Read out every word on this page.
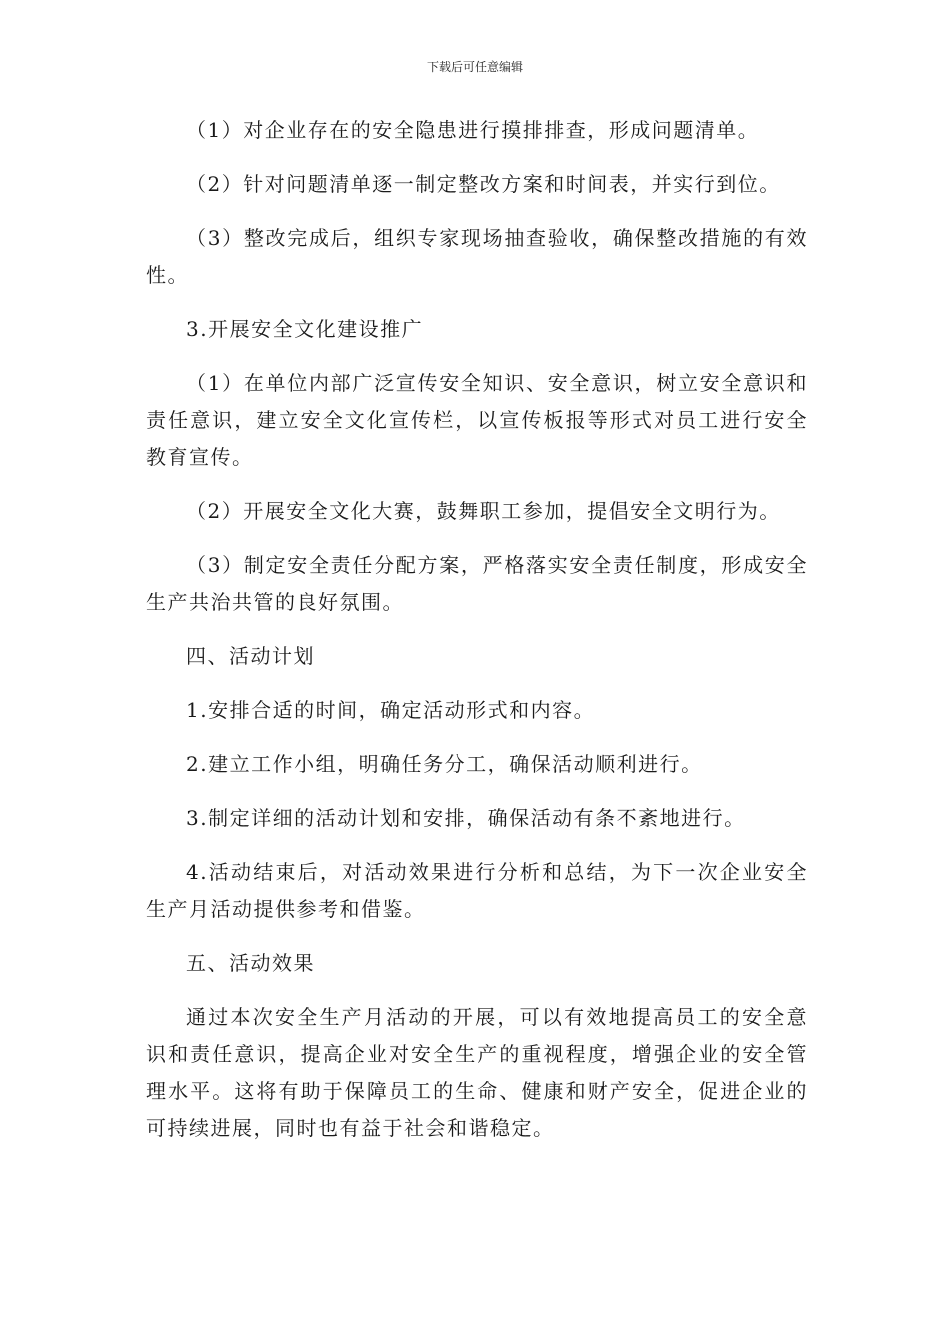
下载后可任意编辑

（1）对企业存在的安全隐患进行摸排排查，形成问题清单。

（2）针对问题清单逐一制定整改方案和时间表，并实行到位。

（3）整改完成后，组织专家现场抽查验收，确保整改措施的有效性。

3.开展安全文化建设推广

（1）在单位内部广泛宣传安全知识、安全意识，树立安全意识和责任意识，建立安全文化宣传栏，以宣传板报等形式对员工进行安全教育宣传。

（2）开展安全文化大赛，鼓舞职工参加，提倡安全文明行为。

（3）制定安全责任分配方案，严格落实安全责任制度，形成安全生产共治共管的良好氛围。

四、活动计划

1.安排合适的时间，确定活动形式和内容。

2.建立工作小组，明确任务分工，确保活动顺利进行。

3.制定详细的活动计划和安排，确保活动有条不紊地进行。

4.活动结束后，对活动效果进行分析和总结，为下一次企业安全生产月活动提供参考和借鉴。

五、活动效果

通过本次安全生产月活动的开展，可以有效地提高员工的安全意识和责任意识，提高企业对安全生产的重视程度，增强企业的安全管理水平。这将有助于保障员工的生命、健康和财产安全，促进企业的可持续进展，同时也有益于社会和谐稳定。
